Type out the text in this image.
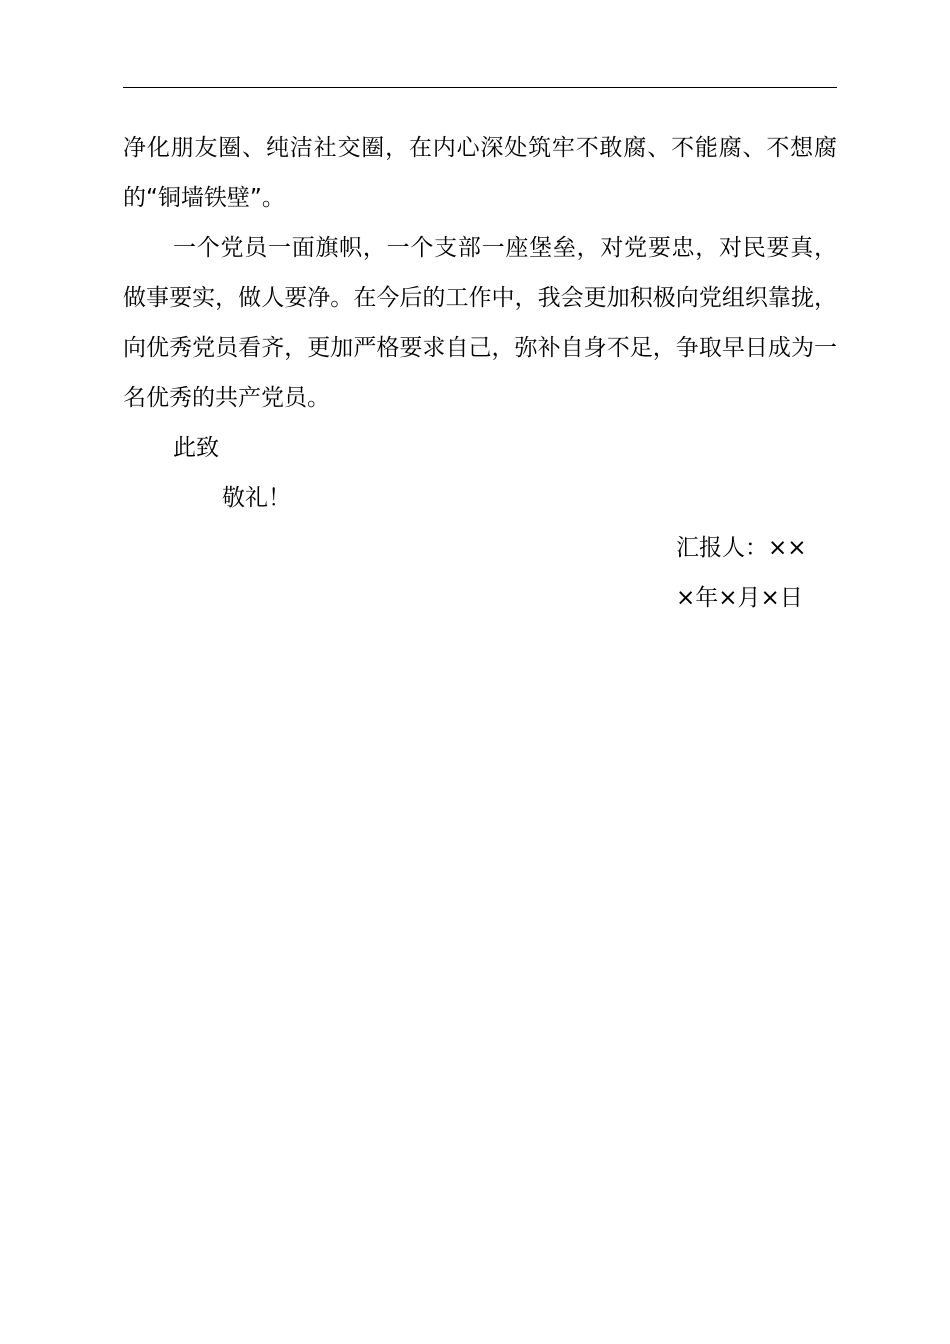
净化朋友圈、纯洁社交圈，在内心深处筑牢不敢腐、不能腐、不想腐的“铜墙铁壁”。

一个党员一面旗帜，一个支部一座堡垒，对党要忠，对民要真，做事要实，做人要净。在今后的工作中，我会更加积极向党组织靠拢，向优秀党员看齐，更加严格要求自己，弥补自身不足，争取早日成为一名优秀的共产党员。

此致

敬礼！

汇报人：××

×年×月×日
